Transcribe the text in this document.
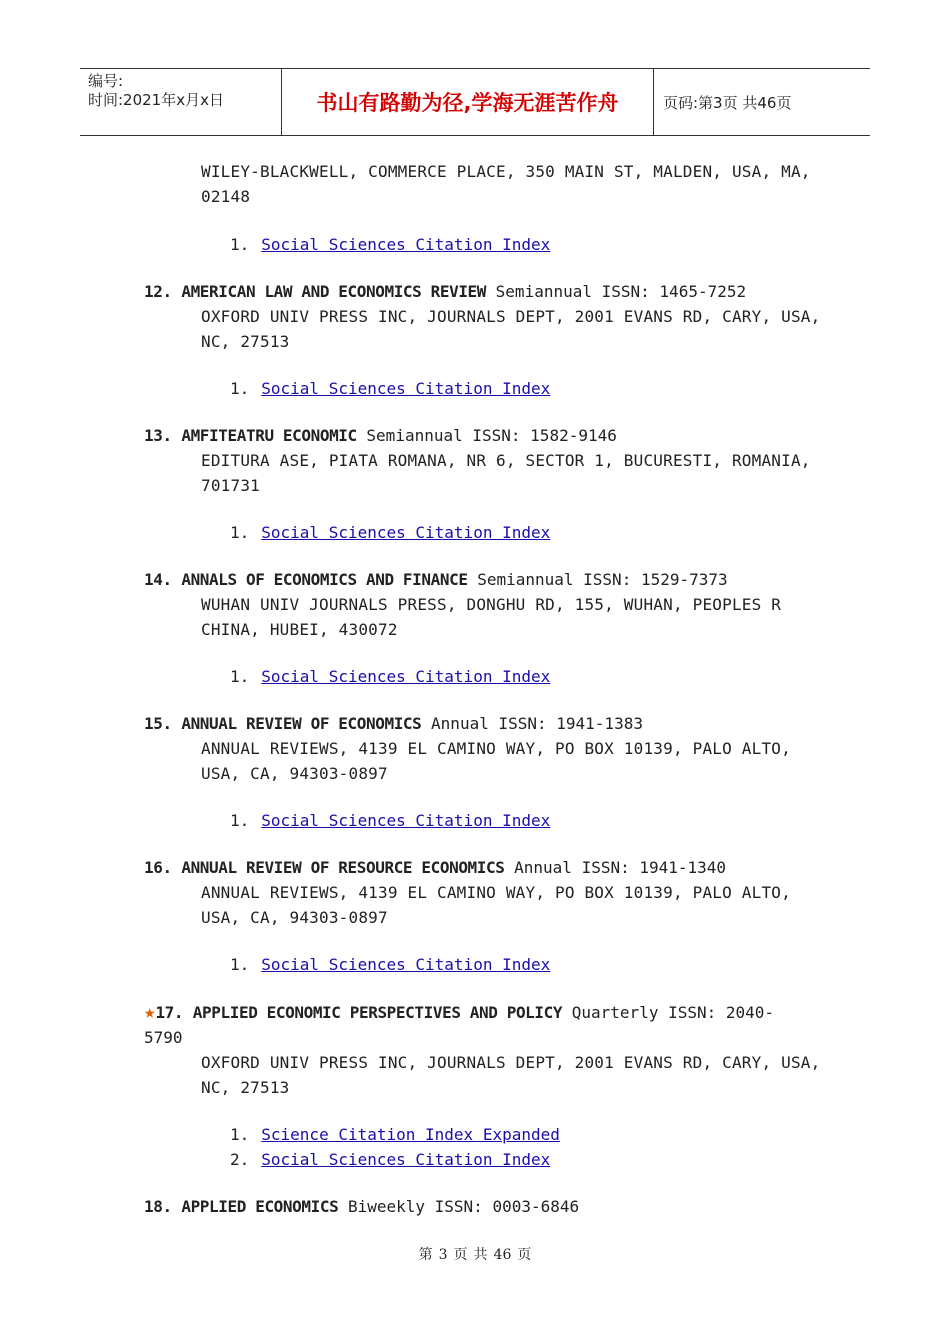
编号:
时间:2021年x月x日	书山有路勤为径,学海无涯苦作舟	页码:第3页 共46页
WILEY-BLACKWELL, COMMERCE PLACE, 350 MAIN ST, MALDEN, USA, MA,
02148
1. Social Sciences Citation Index
12. AMERICAN LAW AND ECONOMICS REVIEW Semiannual ISSN: 1465-7252
OXFORD UNIV PRESS INC, JOURNALS DEPT, 2001 EVANS RD, CARY, USA,
NC, 27513
1. Social Sciences Citation Index
13. AMFITEATRU ECONOMIC Semiannual ISSN: 1582-9146
EDITURA ASE, PIATA ROMANA, NR 6, SECTOR 1, BUCURESTI, ROMANIA,
701731
1. Social Sciences Citation Index
14. ANNALS OF ECONOMICS AND FINANCE Semiannual ISSN: 1529-7373
WUHAN UNIV JOURNALS PRESS, DONGHU RD, 155, WUHAN, PEOPLES R
CHINA, HUBEI, 430072
1. Social Sciences Citation Index
15. ANNUAL REVIEW OF ECONOMICS Annual ISSN: 1941-1383
ANNUAL REVIEWS, 4139 EL CAMINO WAY, PO BOX 10139, PALO ALTO,
USA, CA, 94303-0897
1. Social Sciences Citation Index
16. ANNUAL REVIEW OF RESOURCE ECONOMICS Annual ISSN: 1941-1340
ANNUAL REVIEWS, 4139 EL CAMINO WAY, PO BOX 10139, PALO ALTO,
USA, CA, 94303-0897
1. Social Sciences Citation Index
★17. APPLIED ECONOMIC PERSPECTIVES AND POLICY Quarterly ISSN: 2040-
5790
OXFORD UNIV PRESS INC, JOURNALS DEPT, 2001 EVANS RD, CARY, USA,
NC, 27513
1. Science Citation Index Expanded
2. Social Sciences Citation Index
18. APPLIED ECONOMICS Biweekly ISSN: 0003-6846
第 3 页 共 46 页
